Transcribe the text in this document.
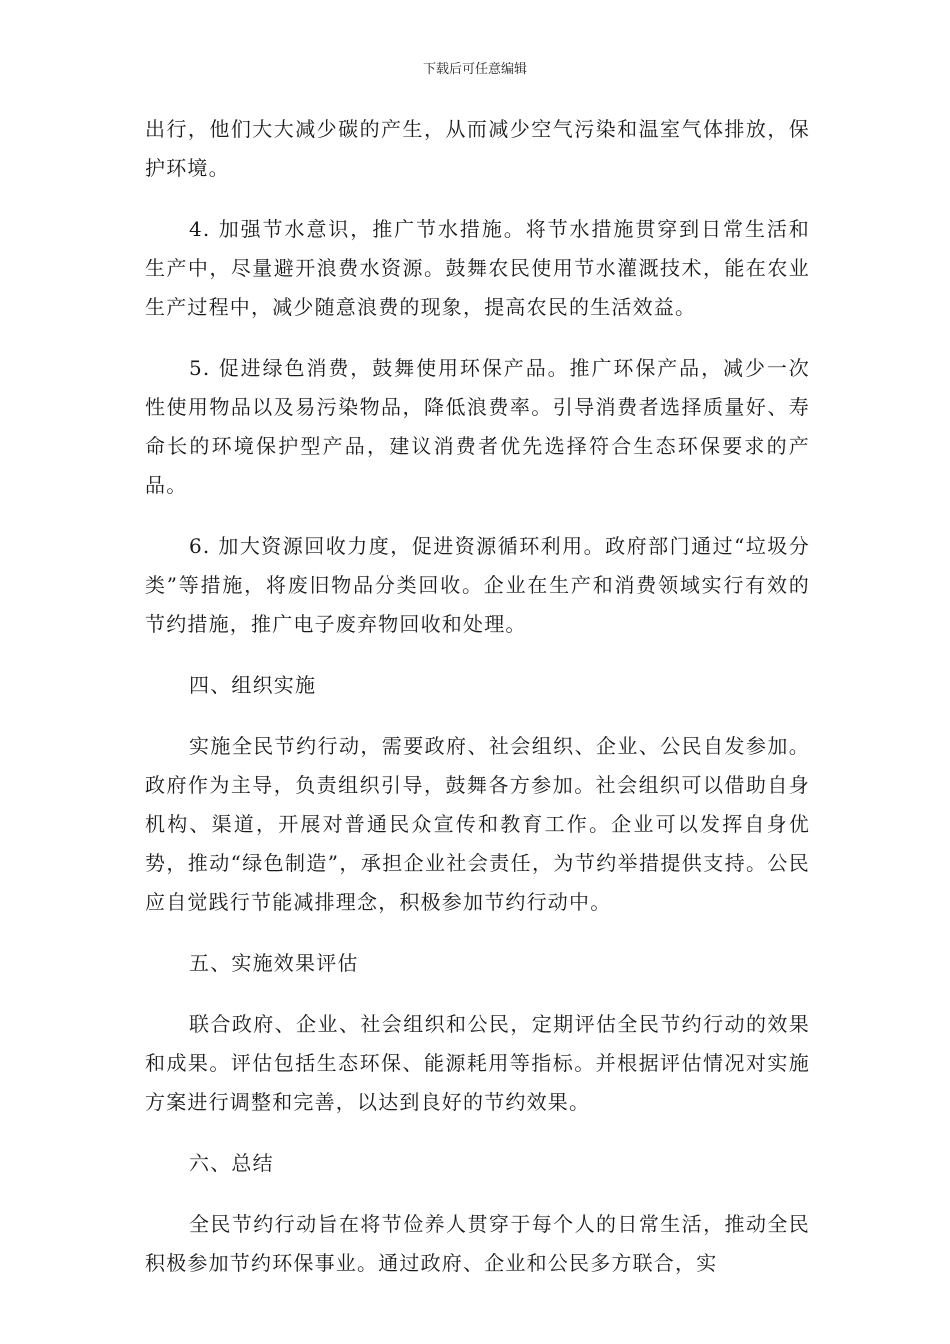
下载后可任意编辑

出行，他们大大减少碳的产生，从而减少空气污染和温室气体排放，保护环境。

4. 加强节水意识，推广节水措施。将节水措施贯穿到日常生活和生产中，尽量避开浪费水资源。鼓舞农民使用节水灌溉技术，能在农业生产过程中，减少随意浪费的现象，提高农民的生活效益。

5. 促进绿色消费，鼓舞使用环保产品。推广环保产品，减少一次性使用物品以及易污染物品，降低浪费率。引导消费者选择质量好、寿命长的环境保护型产品，建议消费者优先选择符合生态环保要求的产品。

6. 加大资源回收力度，促进资源循环利用。政府部门通过“垃圾分类”等措施，将废旧物品分类回收。企业在生产和消费领域实行有效的节约措施，推广电子废弃物回收和处理。

四、组织实施

实施全民节约行动，需要政府、社会组织、企业、公民自发参加。政府作为主导，负责组织引导，鼓舞各方参加。社会组织可以借助自身机构、渠道，开展对普通民众宣传和教育工作。企业可以发挥自身优势，推动“绿色制造”，承担企业社会责任，为节约举措提供支持。公民应自觉践行节能减排理念，积极参加节约行动中。

五、实施效果评估

联合政府、企业、社会组织和公民，定期评估全民节约行动的效果和成果。评估包括生态环保、能源耗用等指标。并根据评估情况对实施方案进行调整和完善，以达到良好的节约效果。

六、总结

全民节约行动旨在将节俭养人贯穿于每个人的日常生活，推动全民积极参加节约环保事业。通过政府、企业和公民多方联合，实
